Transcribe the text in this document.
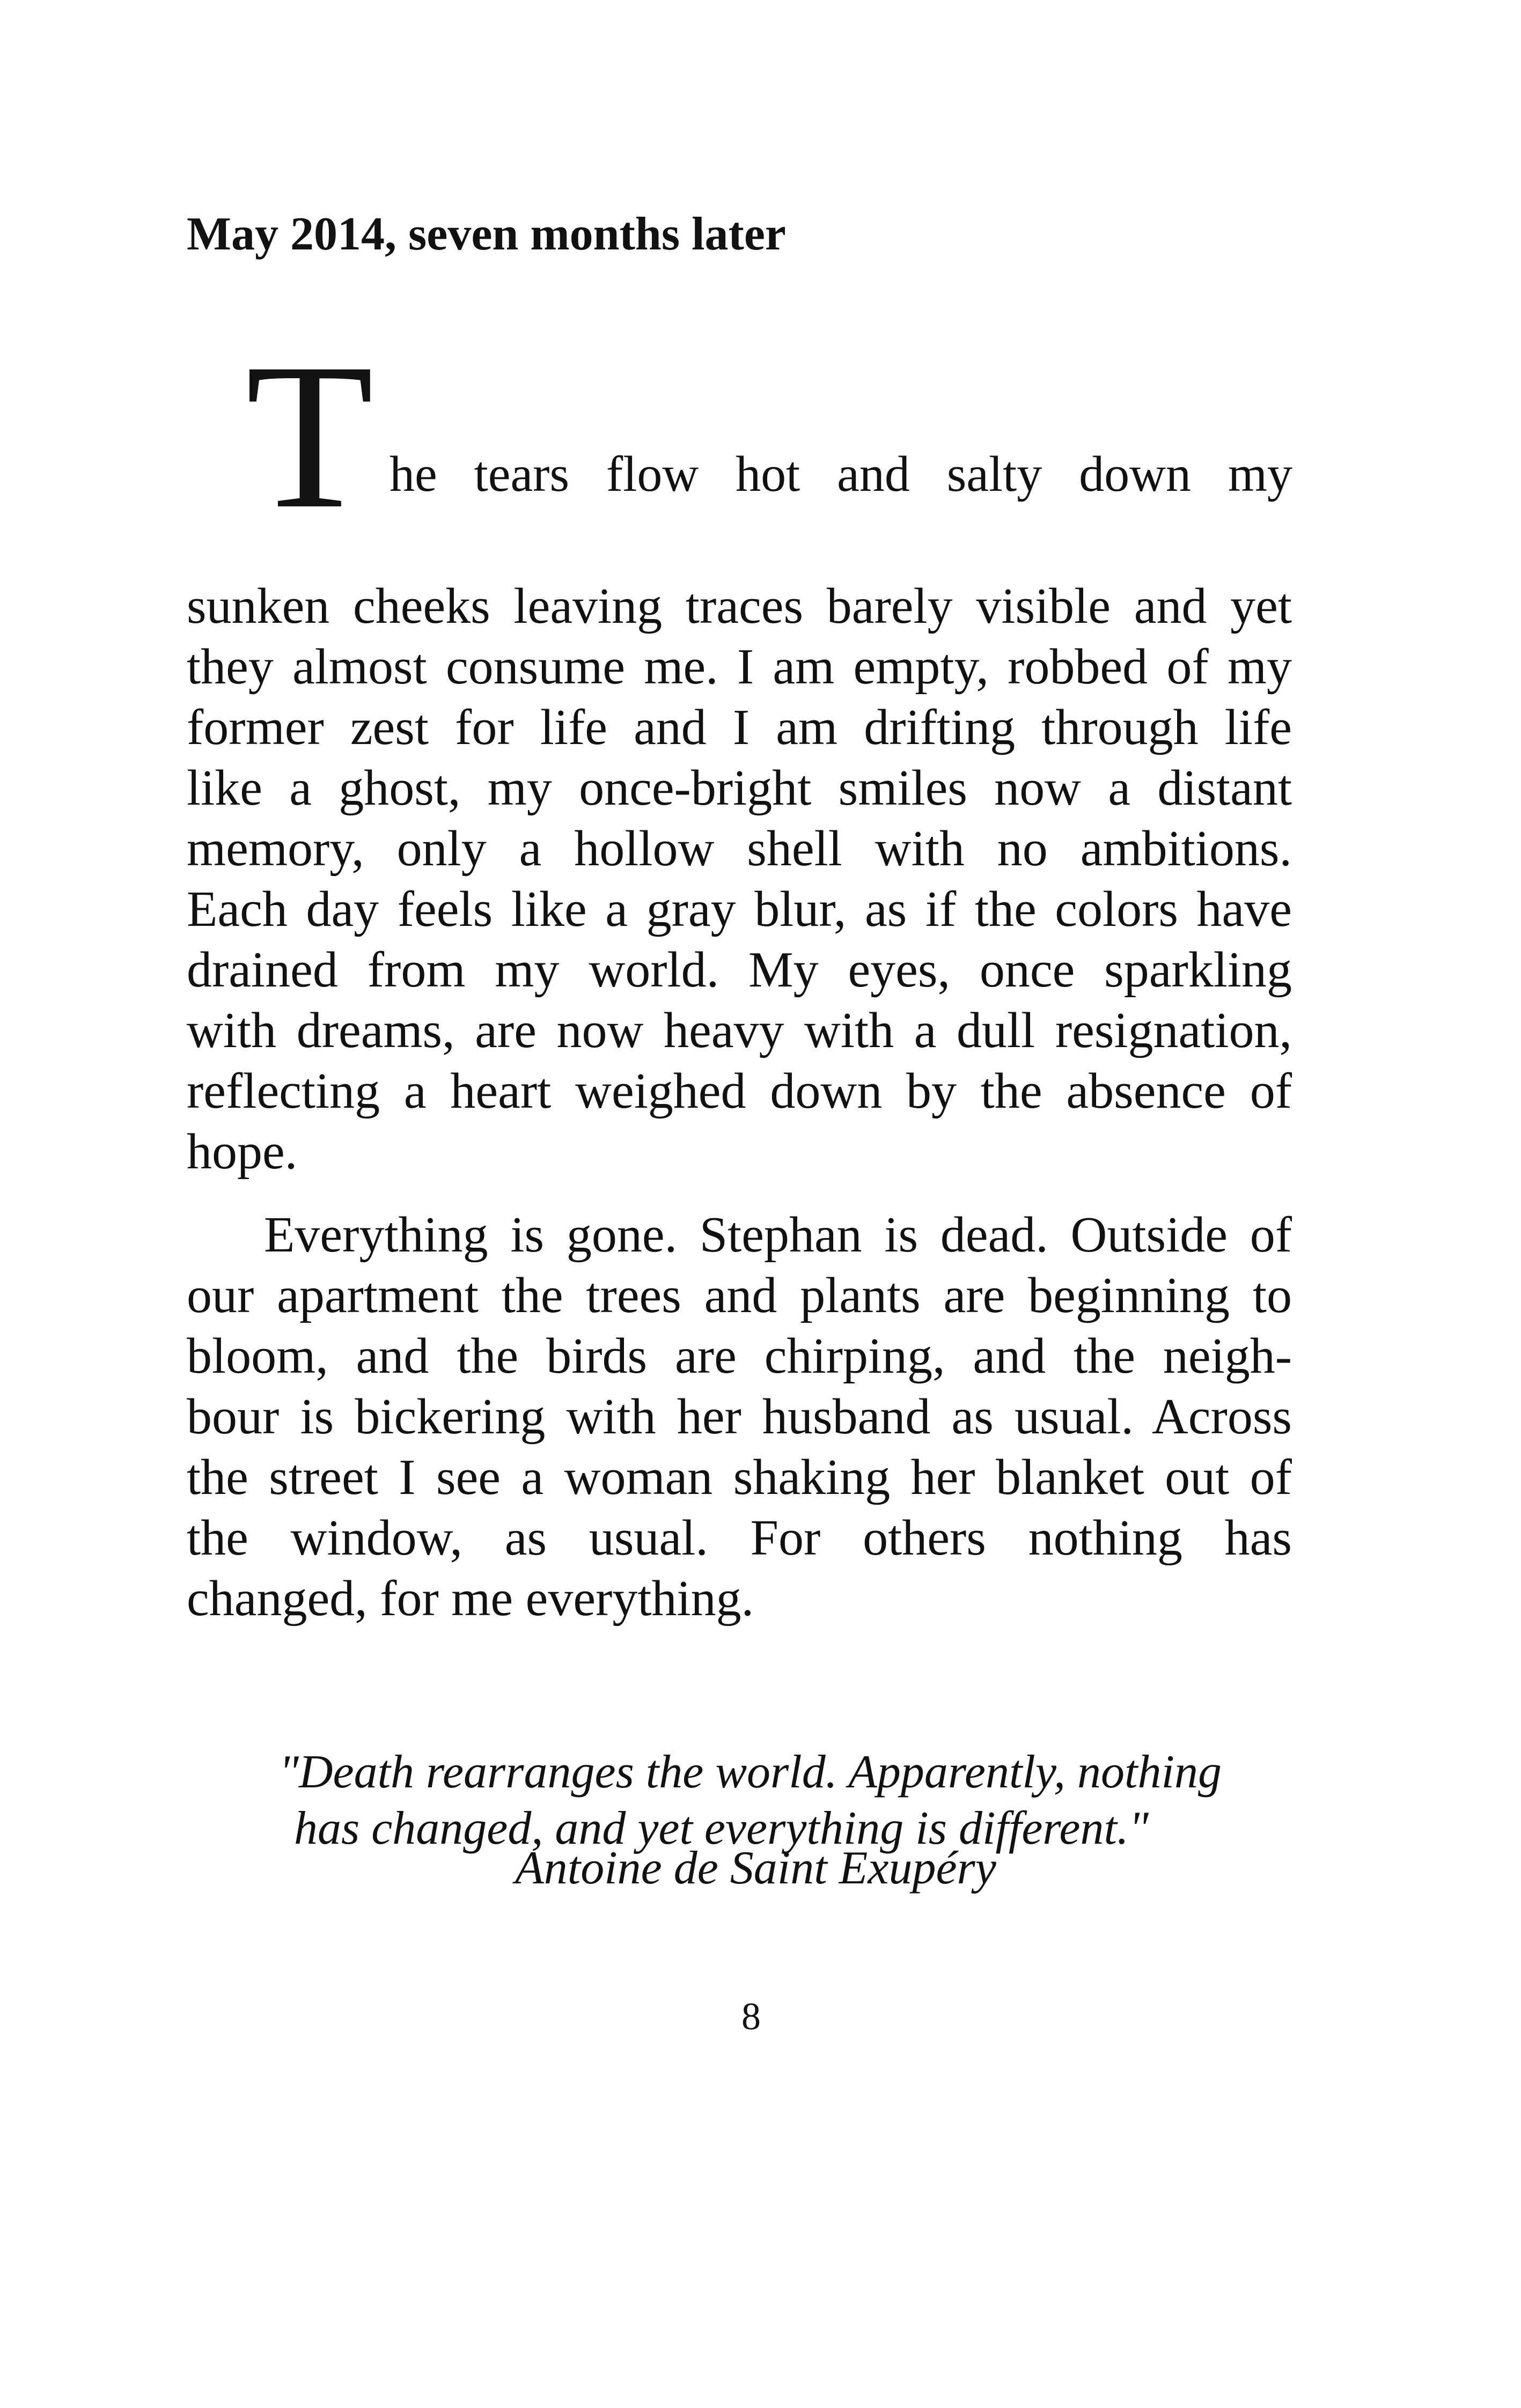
May 2014, seven months later
T he tears flow hot and salty down my
sunken cheeks leaving traces barely visible and yet
they almost consume me. I am empty, robbed of my
former zest for life and I am drifting through life
like a ghost, my once-bright smiles now a distant
memory, only a hollow shell with no ambitions.
Each day feels like a gray blur, as if the colors have
drained from my world. My eyes, once sparkling
with dreams, are now heavy with a dull resignation,
reflecting a heart weighed down by the absence of
hope.
Everything is gone. Stephan is dead. Outside of
our apartment the trees and plants are beginning to
bloom, and the birds are chirping, and the neigh-
bour is bickering with her husband as usual. Across
the street I see a woman shaking her blanket out of
the window, as usual. For others nothing has
changed, for me everything.
"Death rearranges the world. Apparently, nothing
has changed, and yet everything is different."
Antoine de Saint Exupéry
8
